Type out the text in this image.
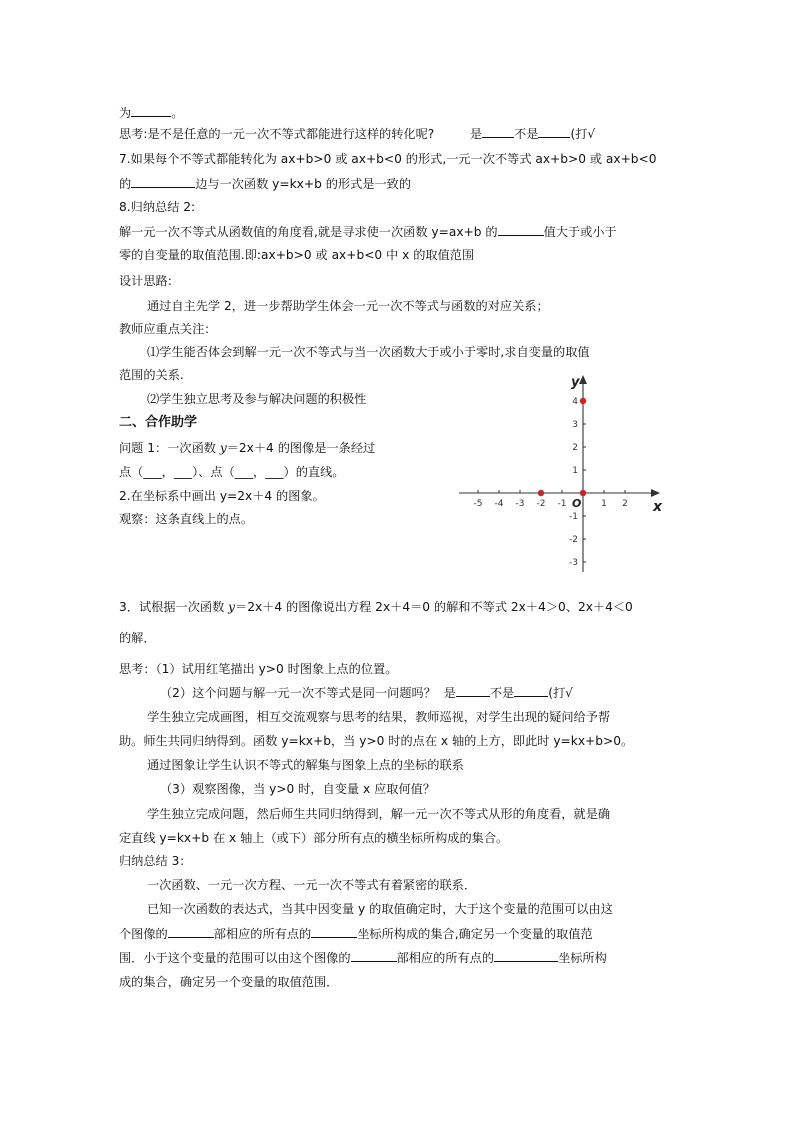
为	。
思考:是不是任意的一元一次不等式都能进行这样的转化呢?	是	不是	(打√
7.如果每个不等式都能转化为 ax+b>0 或 ax+b<0 的形式,一元一次不等式 ax+b>0 或 ax+b<0
的	边与一次函数 y=kx+b 的形式是一致的
8.归纳总结 2:
解一元一次不等式从函数值的角度看,就是寻求使一次函数 y=ax+b 的	值大于或小于
零的自变量的取值范围.即:ax+b>0 或 ax+b<0 中 x 的取值范围
设计思路:
通过自主先学 2，进一步帮助学生体会一元一次不等式与函数的对应关系；
教师应重点关注：
⑴学生能否体会到解一元一次不等式与当一次函数大于或小于零时,求自变量的取值
范围的关系.
⑵学生独立思考及参与解决问题的积极性
二、合作助学
问题 1：一次函数 y＝2x＋4 的图像是一条经过
点（___，___）、点（___，___）的直线。
2.在坐标系中画出 y=2x＋4 的图象。
观察：这条直线上的点。
x
y
O
-5 -4 -3 -2 -1	1 2
4
3
2
1
-1
-2
-3
3．试根据一次函数 y＝2x＋4 的图像说出方程 2x＋4＝0 的解和不等式 2x＋4＞0、2x＋4＜0
的解．
思考：（1）试用红笔描出 y>0 时图象上点的位置。
（2）这个问题与解一元一次不等式是同一问题吗？ 是	不是	(打√
学生独立完成画图，相互交流观察与思考的结果，教师巡视，对学生出现的疑问给予帮
助。师生共同归纳得到。函数 y=kx+b，当 y>0 时的点在 x 轴的上方，即此时 y=kx+b>0。
通过图象让学生认识不等式的解集与图象上点的坐标的联系
（3）观察图像，当 y>0 时，自变量 x 应取何值？
学生独立完成问题，然后师生共同归纳得到，解一元一次不等式从形的角度看，就是确
定直线 y=kx+b 在 x 轴上（或下）部分所有点的横坐标所构成的集合。
归纳总结 3：
一次函数、一元一次方程、一元一次不等式有着紧密的联系．
已知一次函数的表达式，当其中因变量 y 的取值确定时，大于这个变量的范围可以由这
个图像的	部相应的所有点的	坐标所构成的集合,确定另一个变量的取值范
围．小于这个变量的范围可以由这个图像的	部相应的所有点的	坐标所构
成的集合，确定另一个变量的取值范围．
